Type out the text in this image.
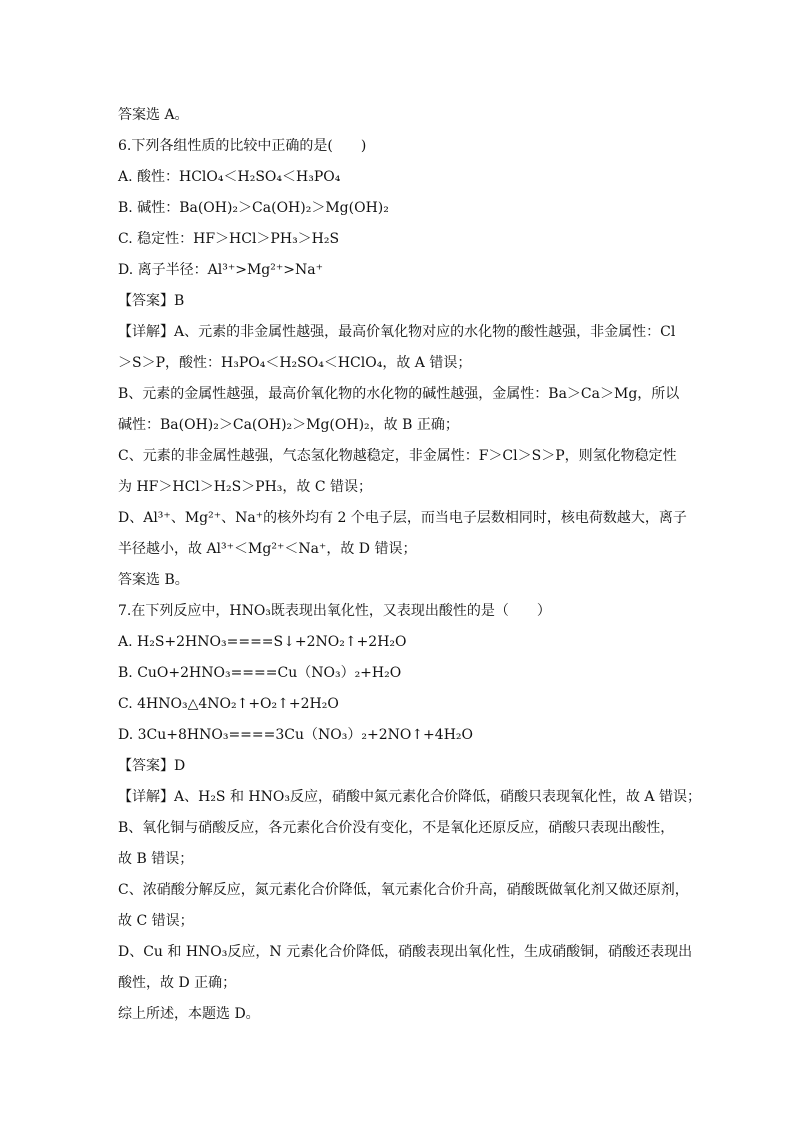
答案选 A。
6.下列各组性质的比较中正确的是(　　)
A. 酸性：HClO₄＜H₂SO₄＜H₃PO₄
B. 碱性：Ba(OH)₂＞Ca(OH)₂＞Mg(OH)₂
C. 稳定性：HF＞HCl＞PH₃＞H₂S
D. 离子半径：Al³⁺>Mg²⁺>Na⁺
【答案】B
【详解】A、元素的非金属性越强，最高价氧化物对应的水化物的酸性越强，非金属性：Cl
＞S＞P，酸性：H₃PO₄＜H₂SO₄＜HClO₄，故 A 错误；
B、元素的金属性越强，最高价氧化物的水化物的碱性越强，金属性：Ba＞Ca＞Mg，所以
碱性：Ba(OH)₂＞Ca(OH)₂＞Mg(OH)₂，故 B 正确；
C、元素的非金属性越强，气态氢化物越稳定，非金属性：F＞Cl＞S＞P，则氢化物稳定性
为 HF＞HCl＞H₂S＞PH₃，故 C 错误；
D、Al³⁺、Mg²⁺、Na⁺的核外均有 2 个电子层，而当电子层数相同时，核电荷数越大，离子
半径越小，故 Al³⁺＜Mg²⁺＜Na⁺，故 D 错误；
答案选 B。
7.在下列反应中，HNO₃既表现出氧化性，又表现出酸性的是（　　）
A. H₂S+2HNO₃====S↓+2NO₂↑+2H₂O
B. CuO+2HNO₃====Cu（NO₃）₂+H₂O
C. 4HNO₃△4NO₂↑+O₂↑+2H₂O
D. 3Cu+8HNO₃====3Cu（NO₃）₂+2NO↑+4H₂O
【答案】D
【详解】A、H₂S 和 HNO₃反应，硝酸中氮元素化合价降低，硝酸只表现氧化性，故 A 错误；
B、氧化铜与硝酸反应，各元素化合价没有变化，不是氧化还原反应，硝酸只表现出酸性，
故 B 错误；
C、浓硝酸分解反应，氮元素化合价降低，氧元素化合价升高，硝酸既做氧化剂又做还原剂，
故 C 错误；
D、Cu 和 HNO₃反应，N 元素化合价降低，硝酸表现出氧化性，生成硝酸铜，硝酸还表现出
酸性，故 D 正确；
综上所述，本题选 D。
